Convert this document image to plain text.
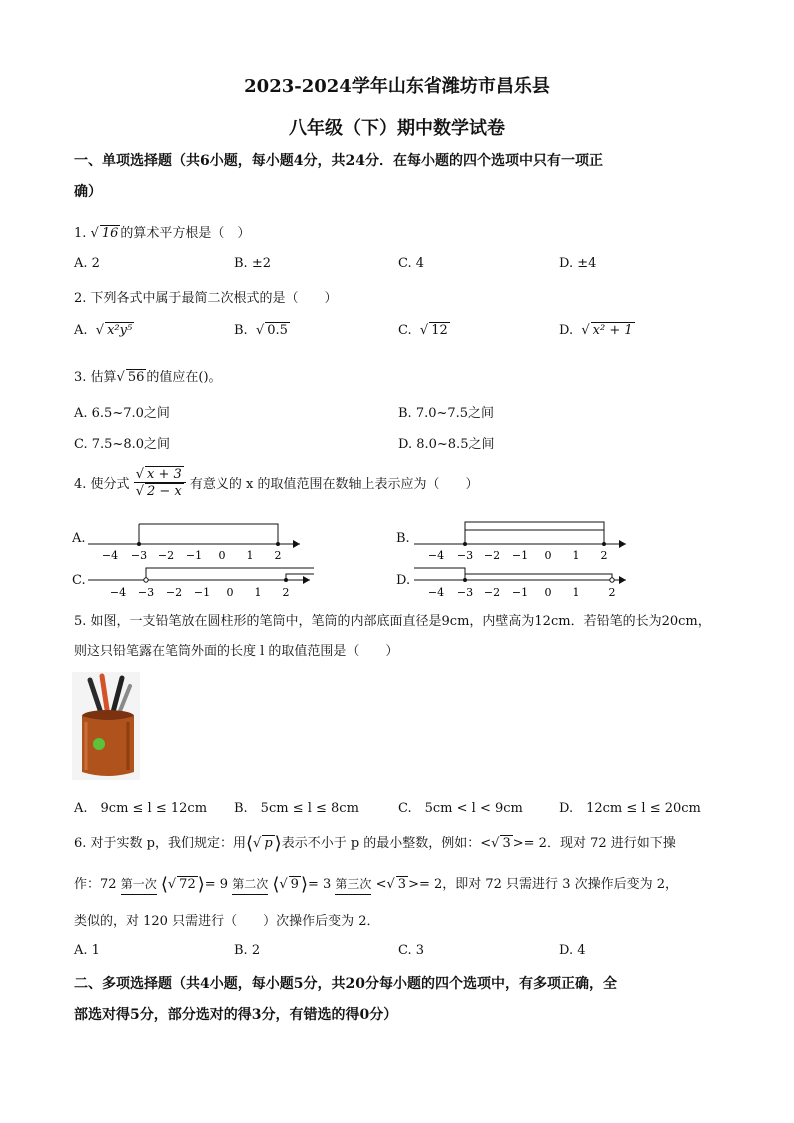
2023-2024学年山东省潍坊市昌乐县
八年级（下）期中数学试卷
一、单项选择题（共6小题，每小题4分，共24分．在每小题的四个选项中只有一项正
确）
1. √ 16 的算术平方根是（　）
A. 2	B. ±2	C. 4	D. ±4
2. 下列各式中属于最简二次根式的是（　　）
A. √ x²y⁵	B. √ 0.5	C. √ 12	D. √ x² + 1
3. 估算√ 56 的值应在()。
A. 6.5~7.0之间	B. 7.0~7.5之间
C. 7.5~8.0之间	D. 8.0~8.5之间
4. 使分式 $\frac{√ x + 3}{√ 2 - x}$ 有意义的 x 的取值范围在数轴上表示应为（　　）
A.	B.
C.	D.
−4 −3 −2 −1 0 1 2	−4 −3 −2 −1 0 1 2
−4 −3 −2 −1 0 1 2	−4 −3 −2 −1 0 1	2
5. 如图，一支铅笔放在圆柱形的笔筒中，笔筒的内部底面直径是9cm，内壁高为12cm．若铅笔的长为20cm，
则这只铅笔露在笔筒外面的长度 l 的取值范围是（　　）
A.　9cm ≤ l ≤ 12cm B.　5cm ≤ l ≤ 8cm	C.　5cm < l < 9cm	D.　12cm ≤ l ≤ 20cm
6. 对于实数 p，我们规定：用⟨√ p ⟩表示不小于 p 的最小整数，例如：<√ 3 >= 2．现对 72 进行如下操
作：72 第一次 ⟨√ 72 ⟩= 9 第二次 ⟨√ 9 ⟩= 3 第三次 <√ 3 >= 2，即对 72 只需进行 3 次操作后变为 2，
类似的，对 120 只需进行（　　）次操作后变为 2．
A. 1	B. 2	C. 3	D. 4
二、多项选择题（共4小题，每小题5分，共20分每小题的四个选项中，有多项正确，全
部选对得5分，部分选对的得3分，有错选的得0分）
